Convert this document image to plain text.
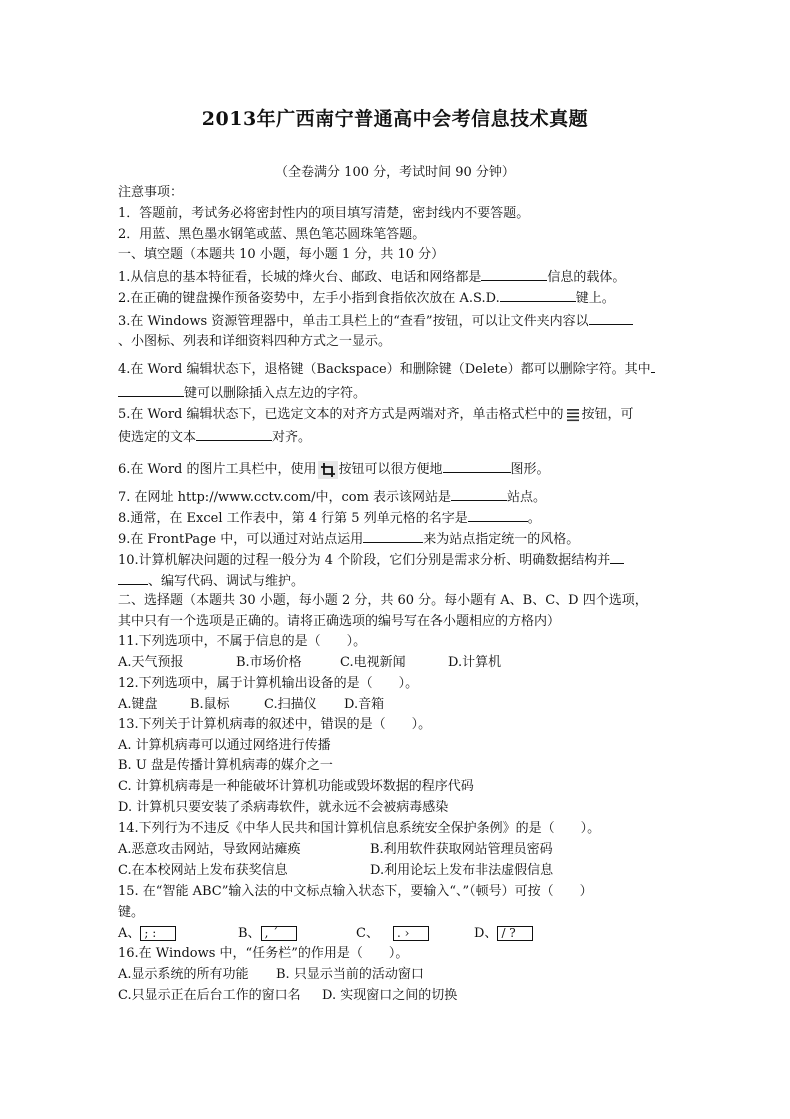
2013年广西南宁普通高中会考信息技术真题
（全卷满分 100 分，考试时间 90 分钟）
注意事项：
1．答题前，考试务必将密封性内的项目填写清楚，密封线内不要答题。
2．用蓝、黑色墨水钢笔或蓝、黑色笔芯圆珠笔答题。
一、填空题（本题共 10 小题，每小题 1 分，共 10 分）
1.从信息的基本特征看，长城的烽火台、邮政、电话和网络都是	信息的载体。
2.在正确的键盘操作预备姿势中，左手小指到食指依次放在 A.S.D.	键上。
3.在 Windows 资源管理器中，单击工具栏上的“查看”按钮，可以让文件夹内容以
、小图标、列表和详细资料四种方式之一显示。
4.在 Word 编辑状态下，退格键（Backspace）和删除键（Delete）都可以删除字符。其中
键可以删除插入点左边的字符。
5.在 Word 编辑状态下，已选定文本的对齐方式是两端对齐，单击格式栏中的 按钮，可
使选定的文本	对齐。
6.在 Word 的图片工具栏中，使用 按钮可以很方便地	图形。
7. 在网址 http://www.cctv.com/中，com 表示该网站是	站点。
8.通常，在 Excel 工作表中，第 4 行第 5 列单元格的名字是	。
9.在 FrontPage 中，可以通过对站点运用	来为站点指定统一的风格。
10.计算机解决问题的过程一般分为 4 个阶段，它们分别是需求分析、明确数据结构并
、编写代码、调试与维护。
二、选择题（本题共 30 小题，每小题 2 分，共 60 分。每小题有 A、B、C、D 四个选项，
其中只有一个选项是正确的。请将正确选项的编号写在各小题相应的方格内）
11.下列选项中，不属于信息的是（　　）。
A.天气预报	B.市场价格	C.电视新闻	D.计算机
12.下列选项中，属于计算机输出设备的是（　　）。
A.键盘 B.鼠标	C.扫描仪 D.音箱
13.下列关于计算机病毒的叙述中，错误的是（　　）。
A. 计算机病毒可以通过网络进行传播
B. U 盘是传播计算机病毒的媒介之一
C. 计算机病毒是一种能破坏计算机功能或毁坏数据的程序代码
D. 计算机只要安装了杀病毒软件，就永远不会被病毒感染
14.下列行为不违反《中华人民共和国计算机信息系统安全保护条例》的是（　　）。
A.恶意攻击网站，导致网站瘫痪	B.利用软件获取网站管理员密码
C.在本校网站上发布获奖信息	D.利用论坛上发布非法虚假信息
15. 在“智能 ABC”输入法的中文标点输入状态下，要输入“、”（顿号）可按（　　）
键。
A、 ; :	B、 , ´	C、 . ›	D、 / ?
16.在 Windows 中，“任务栏”的作用是（　　）。
A.显示系统的所有功能 B. 只显示当前的活动窗口
C.只显示正在后台工作的窗口名 D. 实现窗口之间的切换
